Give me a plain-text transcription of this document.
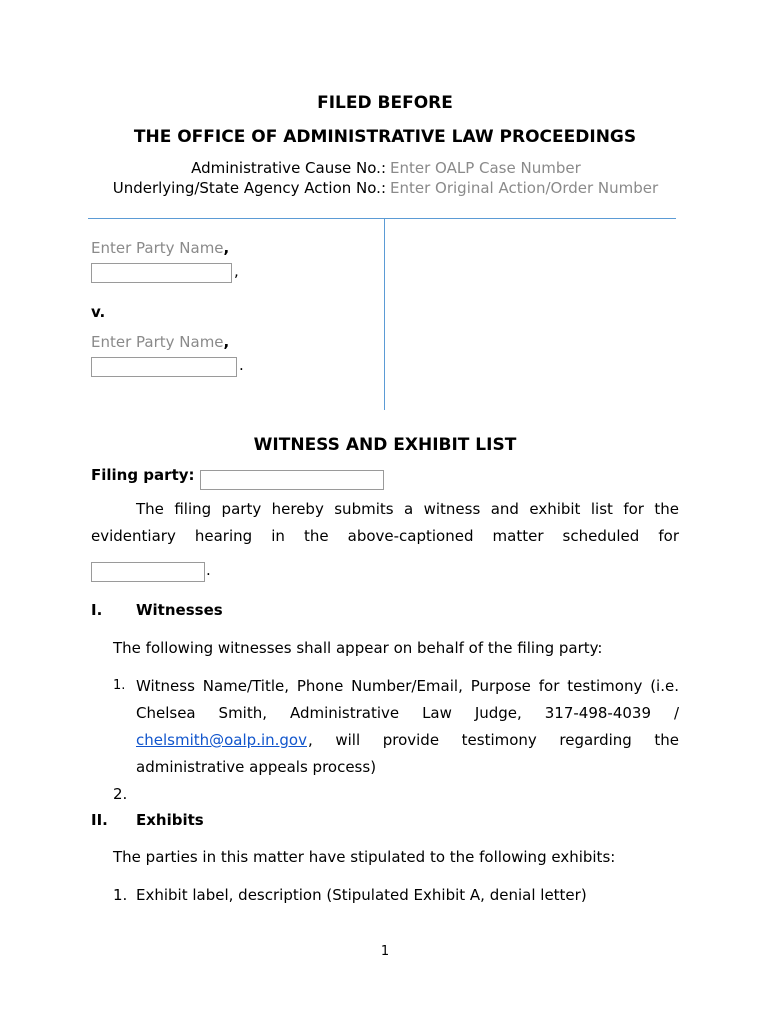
FILED BEFORE
THE OFFICE OF ADMINISTRATIVE LAW PROCEEDINGS
Administrative Cause No.: Enter OALP Case Number
Underlying/State Agency Action No.: Enter Original Action/Order Number
Enter Party Name,
,
v.
Enter Party Name,
.
WITNESS AND EXHIBIT LIST
Filing party:
The filing party hereby submits a witness and exhibit list for the
evidentiary hearing in the above-captioned matter scheduled for
.
I. Witnesses
The following witnesses shall appear on behalf of the filing party:
1. Witness Name/Title, Phone Number/Email, Purpose for testimony (i.e.
Chelsea Smith, Administrative Law Judge, 317-498-4039 /
chelsmith@oalp.in.gov , will provide testimony regarding the
administrative appeals process)
2.
II. Exhibits
The parties in this matter have stipulated to the following exhibits:
1. Exhibit label, description (Stipulated Exhibit A, denial letter)
1
